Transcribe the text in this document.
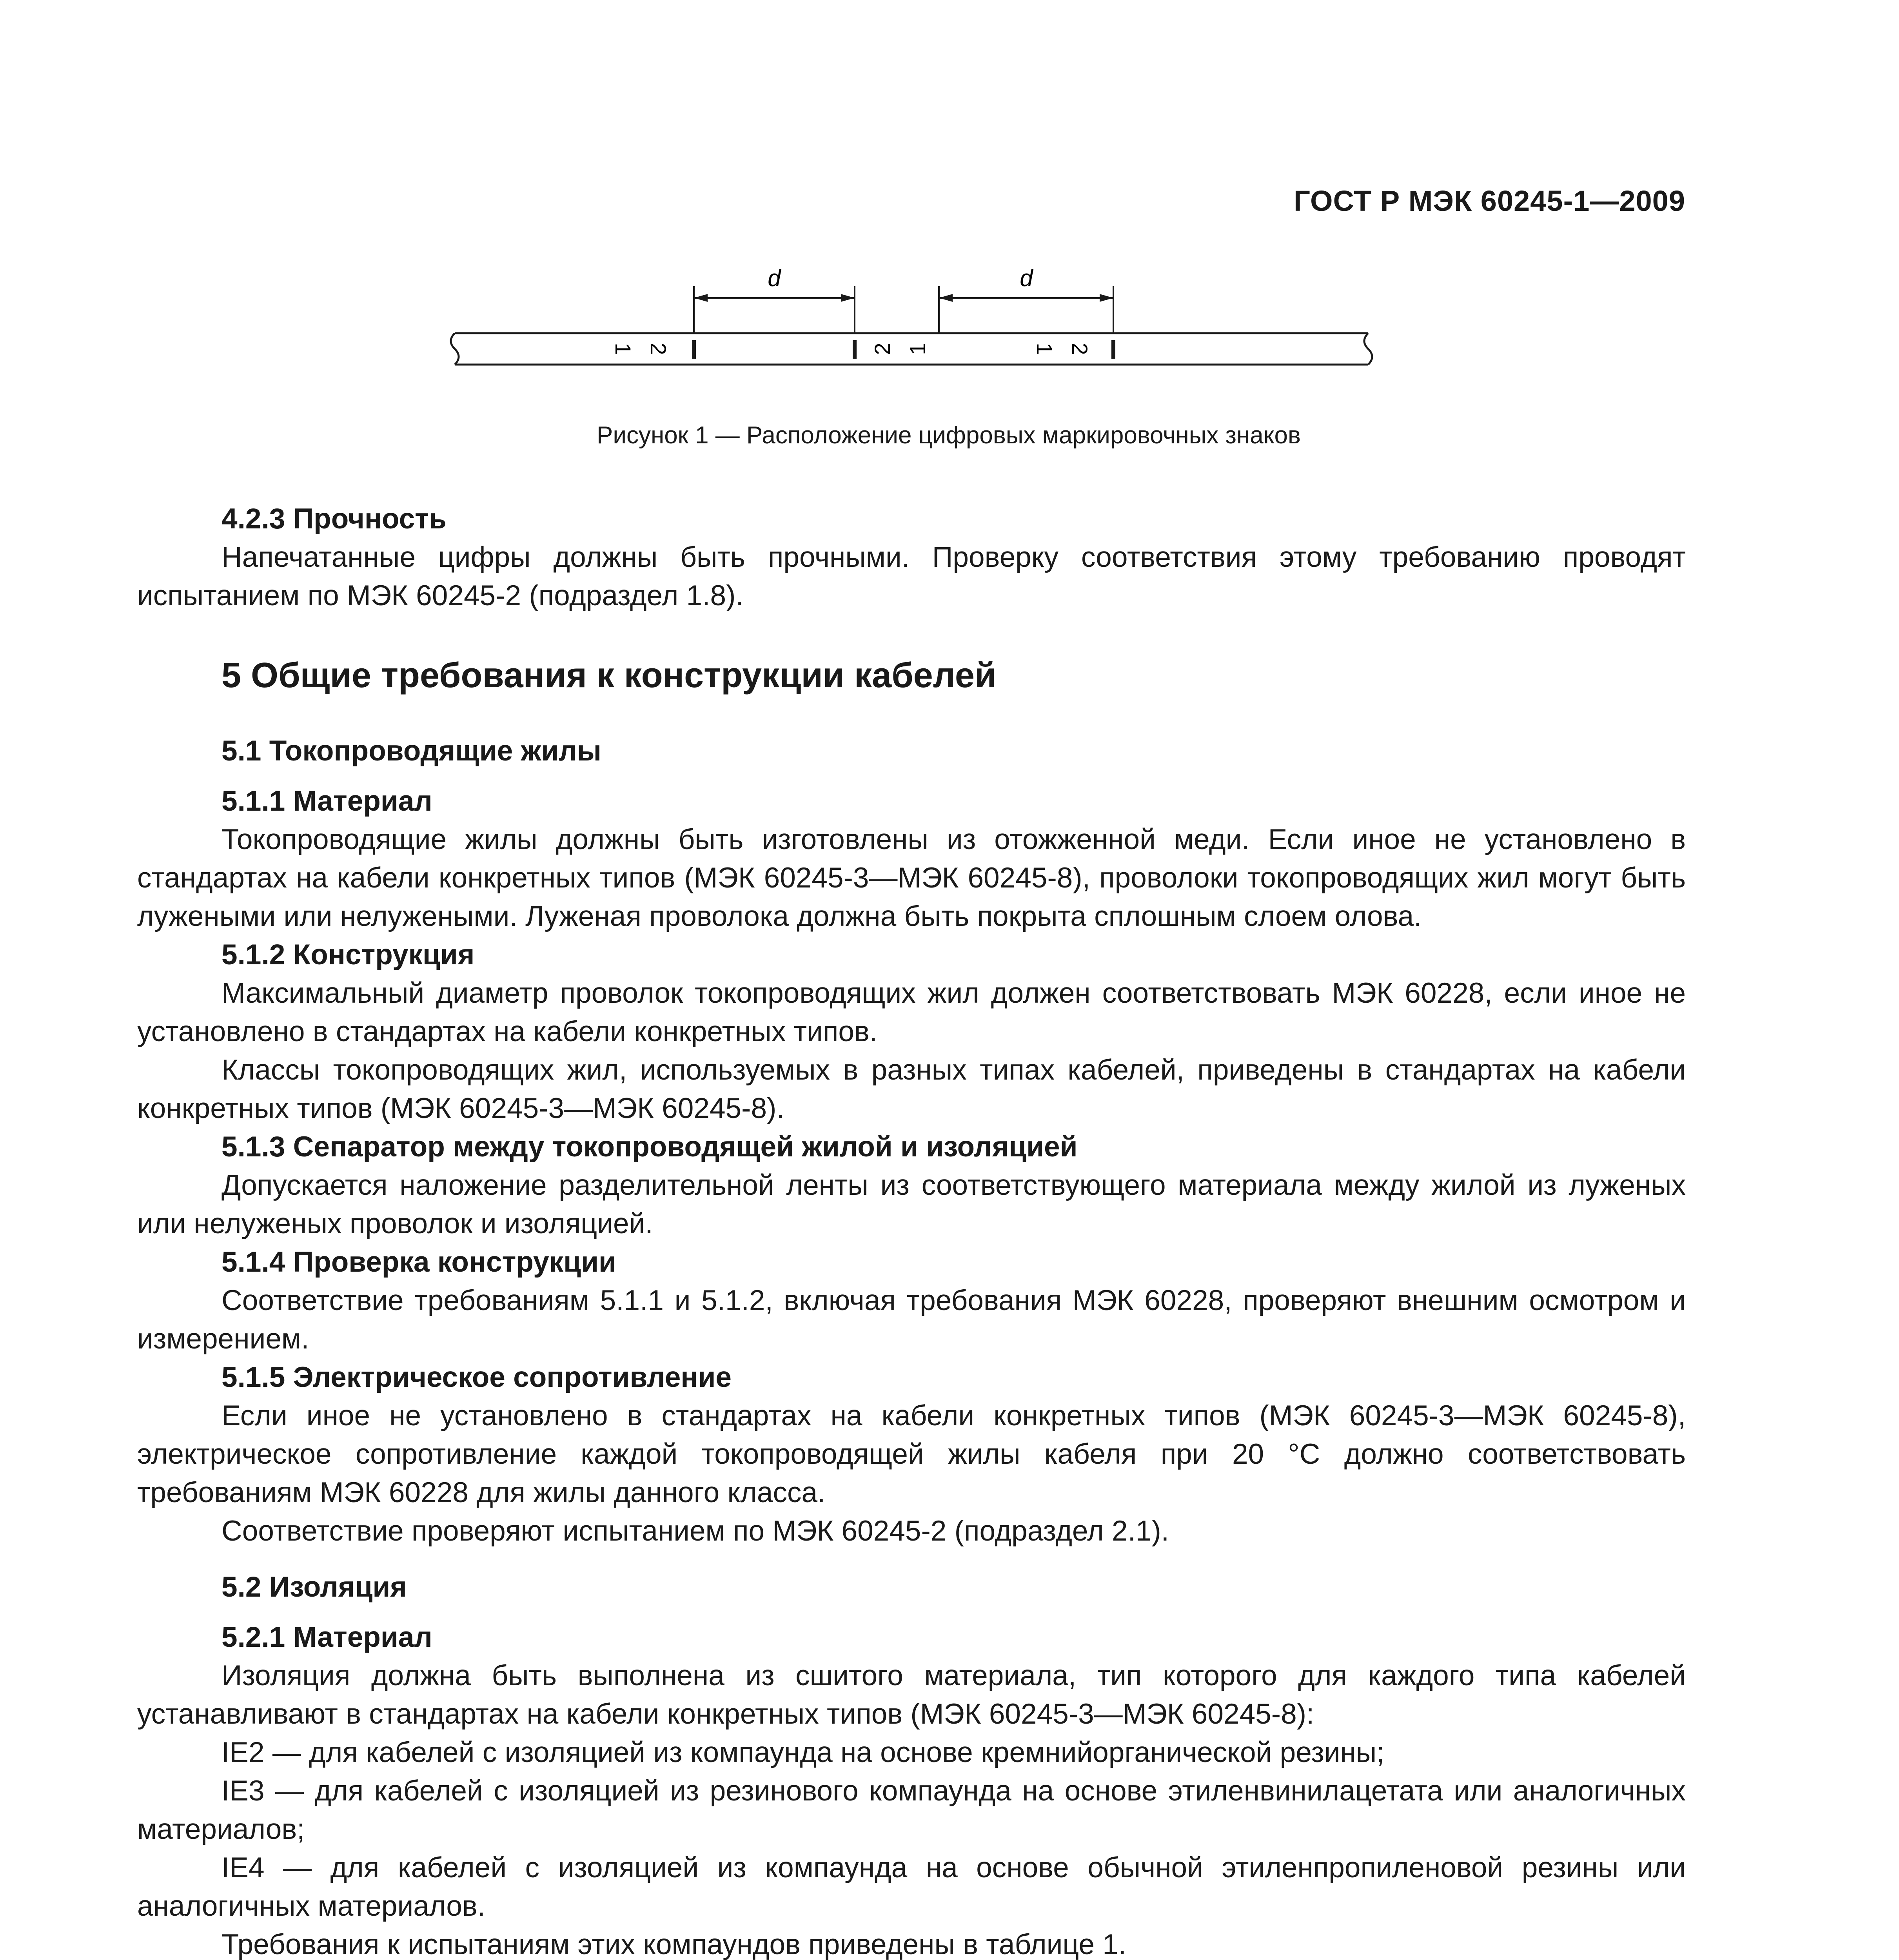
ГОСТ Р МЭК 60245-1—2009
1 2	2 1	1 2
d	d
Рисунок 1 — Расположение цифровых маркировочных знаков

4.2.3 Прочность

Напечатанные цифры должны быть прочными. Проверку соответствия этому требованию проводят испытанием по МЭК 60245-2 (подраздел 1.8).

5 Общие требования к конструкции кабелей

5.1 Токопроводящие жилы

5.1.1 Материал

Токопроводящие жилы должны быть изготовлены из отожженной меди. Если иное не установлено в стандартах на кабели конкретных типов (МЭК 60245-3—МЭК 60245-8), проволоки токопроводящих жил могут быть лужеными или нелужеными. Луженая проволока должна быть покрыта сплошным слоем олова.

5.1.2 Конструкция

Максимальный диаметр проволок токопроводящих жил должен соответствовать МЭК 60228, если иное не установлено в стандартах на кабели конкретных типов.

Классы токопроводящих жил, используемых в разных типах кабелей, приведены в стандартах на кабели конкретных типов (МЭК 60245-3—МЭК 60245-8).

5.1.3 Сепаратор между токопроводящей жилой и изоляцией

Допускается наложение разделительной ленты из соответствующего материала между жилой из луженых или нелуженых проволок и изоляцией.

5.1.4 Проверка конструкции

Соответствие требованиям 5.1.1 и 5.1.2, включая требования МЭК 60228, проверяют внешним осмотром и измерением.

5.1.5 Электрическое сопротивление

Если иное не установлено в стандартах на кабели конкретных типов (МЭК 60245-3—МЭК 60245-8), электрическое сопротивление каждой токопроводящей жилы кабеля при 20 °С должно соответствовать требованиям МЭК 60228 для жилы данного класса.

Соответствие проверяют испытанием по МЭК 60245-2 (подраздел 2.1).

5.2 Изоляция

5.2.1 Материал

Изоляция должна быть выполнена из сшитого материала, тип которого для каждого типа кабелей устанавливают в стандартах на кабели конкретных типов (МЭК 60245-3—МЭК 60245-8):

IE2 — для кабелей с изоляцией из компаунда на основе кремнийорганической резины;

IE3 — для кабелей с изоляцией из резинового компаунда на основе этиленвинилацетата или аналогичных материалов;

IE4 — для кабелей с изоляцией из компаунда на основе обычной этиленпропиленовой резины или аналогичных материалов.

Требования к испытаниям этих компаундов приведены в таблице 1.
